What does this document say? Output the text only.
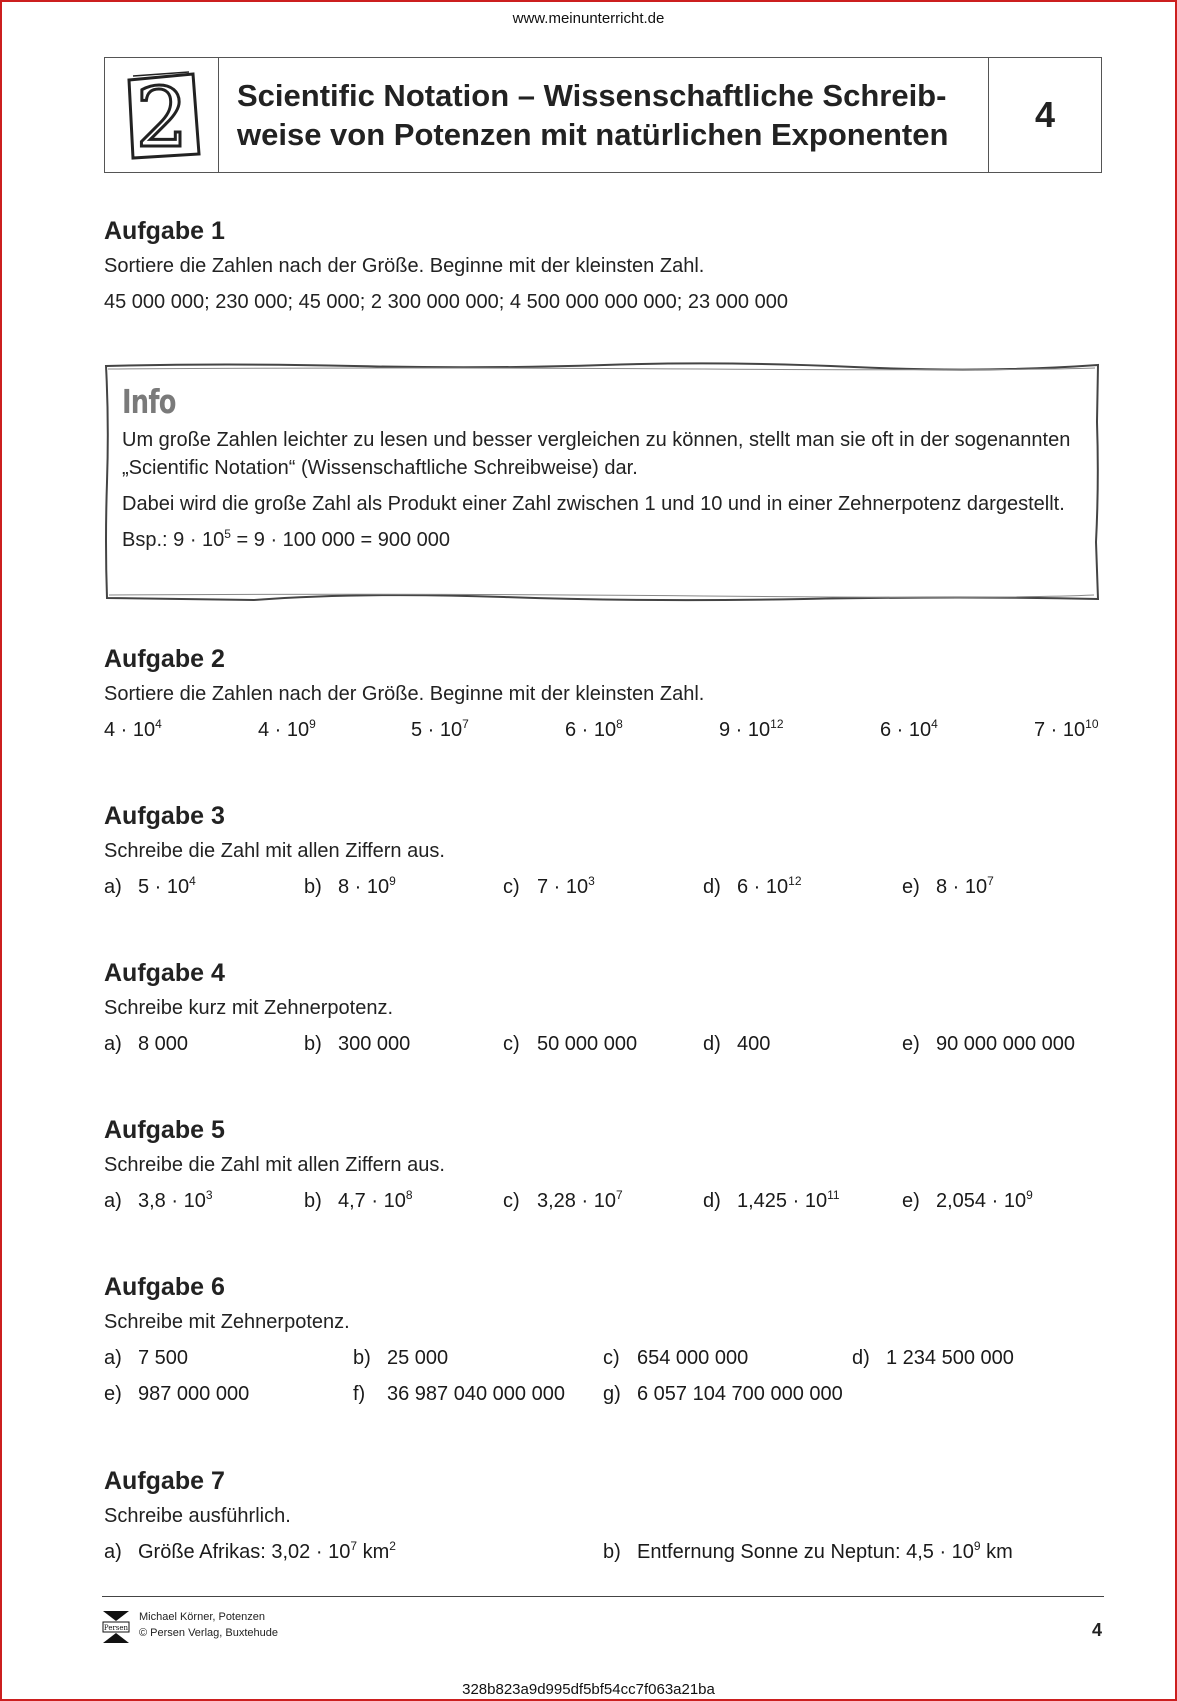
www.meinunterricht.de
2 Scientific Notation – Wissenschaftliche Schreib-
weise von Potenzen mit natürlichen Exponenten	4
Aufgabe 1
Sortiere die Zahlen nach der Größe. Beginne mit der kleinsten Zahl.
45 000 000; 230 000; 45 000; 2 300 000 000; 4 500 000 000 000; 23 000 000
Info

Um große Zahlen leichter zu lesen und besser vergleichen zu können, stellt man sie oft in der sogenannten „Scientific Notation“ (Wissenschaftliche Schreibweise) dar.

Dabei wird die große Zahl als Produkt einer Zahl zwischen 1 und 10 und in einer Zehnerpotenz dargestellt.

Bsp.: $9 \cdot 10^5 = 9 \cdot 100$ 000 = 900 000

Aufgabe 2
Sortiere die Zahlen nach der Größe. Beginne mit der kleinsten Zahl.
$4 \cdot 10^4$	$4 \cdot 10^9$	$5 \cdot 10^7$	$6 \cdot 10^8$	$9 \cdot 10^{12}$	$6 \cdot 10^4$	$7 \cdot 10^{10}$
Aufgabe 3
Schreibe die Zahl mit allen Ziffern aus.
a) $5 \cdot 10^4$	b) $8 \cdot 10^9$	c) $7 \cdot 10^3$	d) $6 \cdot 10^{12}$	e) $8 \cdot 10^7$
Aufgabe 4
Schreibe kurz mit Zehnerpotenz.
a) 8 000	b) 300 000	c) 50 000 000	d) 400	e) 90 000 000 000
Aufgabe 5
Schreibe die Zahl mit allen Ziffern aus.
a) $3,8 \cdot 10^3$	b) $4,7 \cdot 10^8$	c) $3,28 \cdot 10^7$	d) $1,425 \cdot 10^{11}$	e) $2,054 \cdot 10^9$
Aufgabe 6
Schreibe mit Zehnerpotenz.
a) 7 500	b) 25 000	c) 654 000 000	d) 1 234 500 000
e) 987 000 000	f) 36 987 040 000 000 g) 6 057 104 700 000 000
Aufgabe 7
Schreibe ausführlich.
a) Größe Afrikas: $3,02 \cdot 10^7$ $km^2$	b) Entfernung Sonne zu Neptun: $4,5 \cdot 10^9$ km
Persen
Michael Körner, Potenzen
© Persen Verlag, Buxtehude	4
328b823a9d995df5bf54cc7f063a21ba
